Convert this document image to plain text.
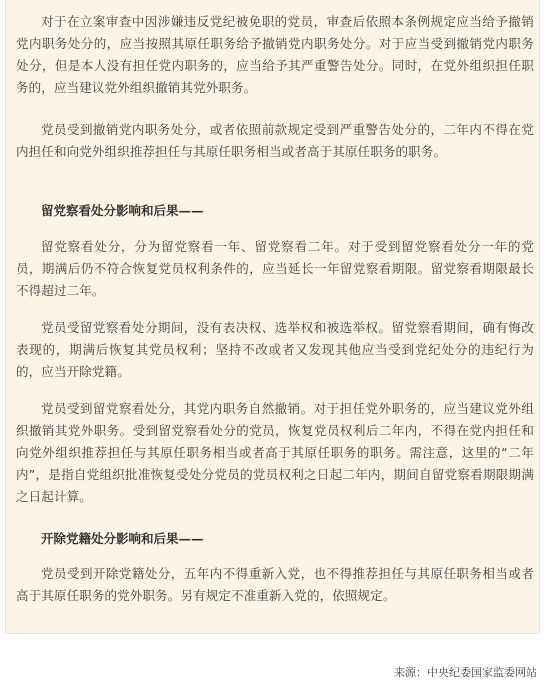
对于在立案审查中因涉嫌违反党纪被免职的党员，审查后依照本条例规定应当给予撤销党内职务处分的，应当按照其原任职务给予撤销党内职务处分。对于应当受到撤销党内职务处分，但是本人没有担任党内职务的，应当给予其严重警告处分。同时，在党外组织担任职务的，应当建议党外组织撤销其党外职务。

党员受到撤销党内职务处分，或者依照前款规定受到严重警告处分的，二年内不得在党内担任和向党外组织推荐担任与其原任职务相当或者高于其原任职务的职务。

留党察看处分影响和后果——

留党察看处分，分为留党察看一年、留党察看二年。对于受到留党察看处分一年的党员，期满后仍不符合恢复党员权利条件的，应当延长一年留党察看期限。留党察看期限最长不得超过二年。

党员受留党察看处分期间，没有表决权、选举权和被选举权。留党察看期间，确有悔改表现的，期满后恢复其党员权利；坚持不改或者又发现其他应当受到党纪处分的违纪行为的，应当开除党籍。

党员受到留党察看处分，其党内职务自然撤销。对于担任党外职务的，应当建议党外组织撤销其党外职务。受到留党察看处分的党员，恢复党员权利后二年内，不得在党内担任和向党外组织推荐担任与其原任职务相当或者高于其原任职务的职务。需注意，这里的“二年内”，是指自党组织批准恢复受处分党员的党员权利之日起二年内，期间自留党察看期限期满之日起计算。

开除党籍处分影响和后果——

党员受到开除党籍处分，五年内不得重新入党，也不得推荐担任与其原任职务相当或者高于其原任职务的党外职务。另有规定不准重新入党的，依照规定。

来源：中央纪委国家监委网站
